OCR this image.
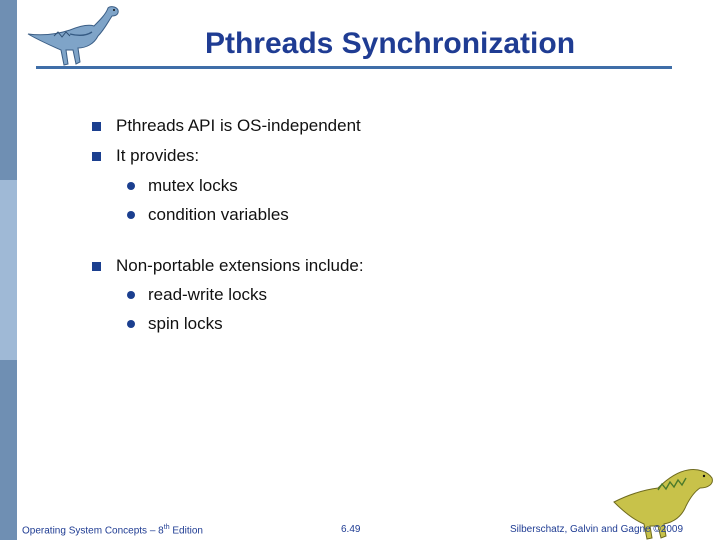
Pthreads Synchronization
Pthreads API is OS-independent
It provides:
mutex locks
condition variables
Non-portable extensions include:
read-write locks
spin locks
Operating System Concepts – 8th Edition	6.49	Silberschatz, Galvin and Gagne ©2009
